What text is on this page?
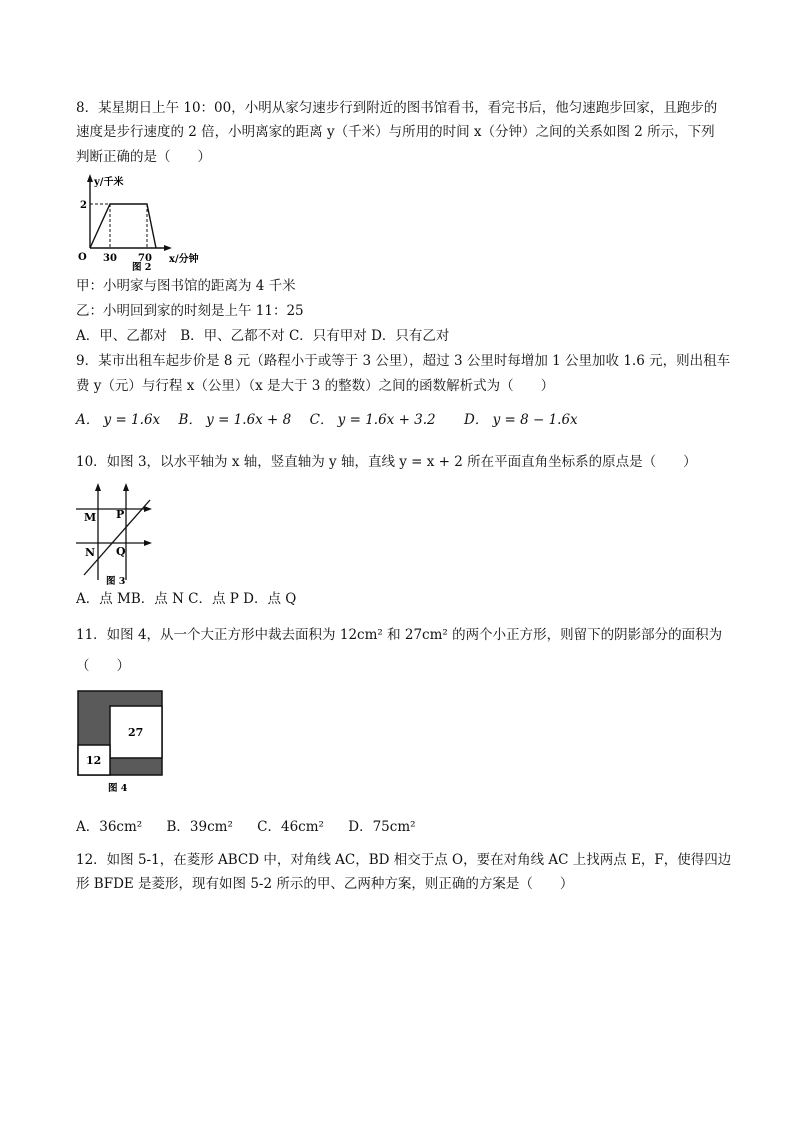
8．某星期日上午 10：00，小明从家匀速步行到附近的图书馆看书，看完书后，他匀速跑步回家，且跑步的
速度是步行速度的 2 倍，小明离家的距离 y（千米）与所用的时间 x（分钟）之间的关系如图 2 所示，下列
判断正确的是（　　）
y/千米
2
O 30 70 x/分钟
图 2
甲：小明家与图书馆的距离为 4 千米
乙：小明回到家的时刻是上午 11：25
A．甲、乙都对　B．甲、乙都不对 C．只有甲对 D．只有乙对
9．某市出租车起步价是 8 元（路程小于或等于 3 公里），超过 3 公里时每增加 1 公里加收 1.6 元，则出租车
费 y（元）与行程 x（公里）（x 是大于 3 的整数）之间的函数解析式为（　　）
A． y = 1.6x B． y = 1.6x + 8 C． y = 1.6x + 3.2 D． y = 8 − 1.6x
10．如图 3，以水平轴为 x 轴，竖直轴为 y 轴，直线 y = x + 2 所在平面直角坐标系的原点是（　　）
M P
N Q
图 3
A．点 MB．点 N C．点 P D．点 Q
11．如图 4，从一个大正方形中裁去面积为 12cm² 和 27cm² 的两个小正方形，则留下的阴影部分的面积为
（　　）
27
12
图 4
A．36cm² B．39cm² C．46cm² D．75cm²
12．如图 5-1，在菱形 ABCD 中，对角线 AC，BD 相交于点 O，要在对角线 AC 上找两点 E，F，使得四边
形 BFDE 是菱形，现有如图 5-2 所示的甲、乙两种方案，则正确的方案是（　　）
